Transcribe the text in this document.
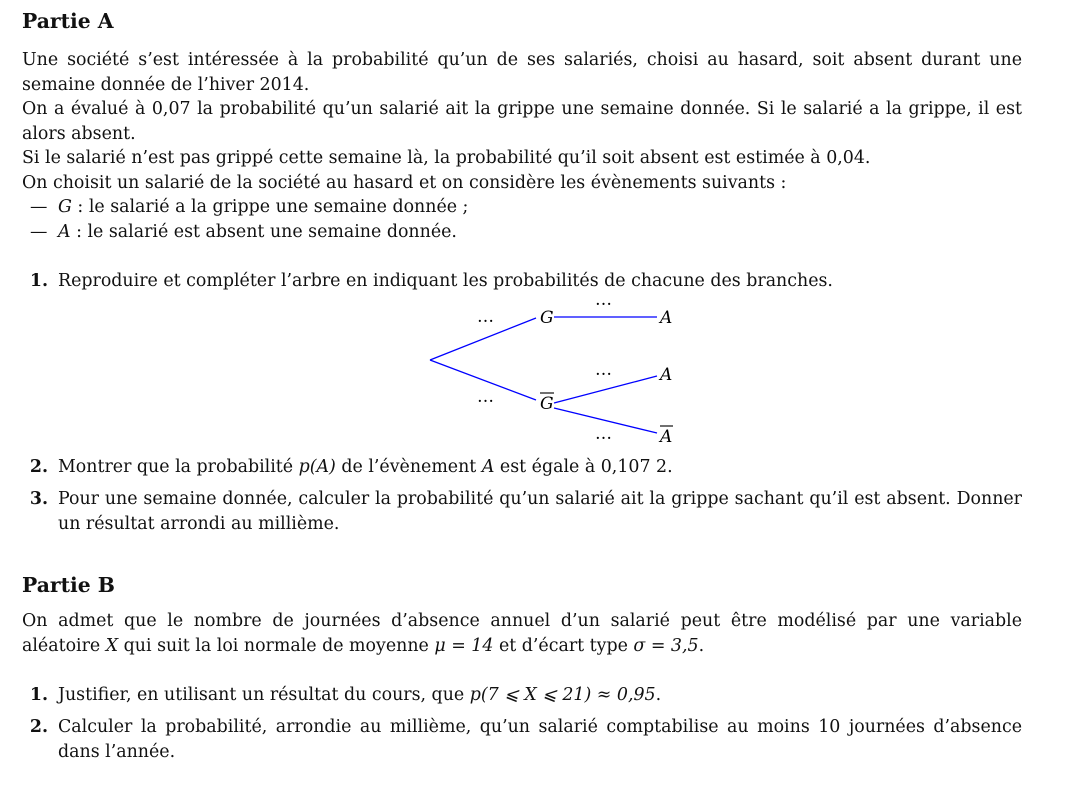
Partie A

Une société s’est intéressée à la probabilité qu’un de ses salariés, choisi au hasard, soit absent durant une semaine donnée de l’hiver 2014.

On a évalué à 0,07 la probabilité qu’un salarié ait la grippe une semaine donnée. Si le salarié a la grippe, il est alors absent.

Si le salarié n’est pas grippé cette semaine là, la probabilité qu’il soit absent est estimée à 0,04.

On choisit un salarié de la société au hasard et on considère les évènements suivants :

— G : le salarié a la grippe une semaine donnée ;
— A : le salarié est absent une semaine donnée.
1. Reproduire et compléter l’arbre en indiquant les probabilités de chacune des branches.
G
G
A
A
A
…
…
…
…
…
2. Montrer que la probabilité p(A) de l’évènement A est égale à 0,107 2.
3. Pour une semaine donnée, calculer la probabilité qu’un salarié ait la grippe sachant qu’il est absent. Donner un résultat arrondi au millième.
Partie B

On admet que le nombre de journées d’absence annuel d’un salarié peut être modélisé par une variable aléatoire X qui suit la loi normale de moyenne μ = 14 et d’écart type σ = 3,5.

1. Justifier, en utilisant un résultat du cours, que p(7 ⩽ X ⩽ 21) ≈ 0,95.
2. Calculer la probabilité, arrondie au millième, qu’un salarié comptabilise au moins 10 journées d’absence dans l’année.
